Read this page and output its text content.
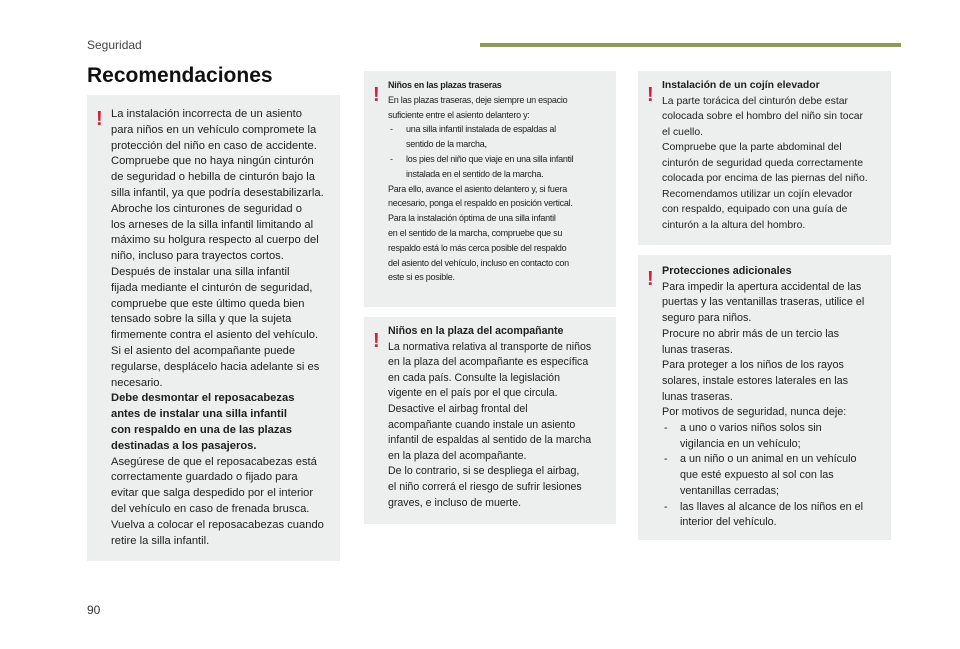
Seguridad
Recomendaciones
! La instalación incorrecta de un asiento
para niños en un vehículo compromete la
protección del niño en caso de accidente.
Compruebe que no haya ningún cinturón
de seguridad o hebilla de cinturón bajo la
silla infantil, ya que podría desestabilizarla.
Abroche los cinturones de seguridad o
los arneses de la silla infantil limitando al
máximo su holgura respecto al cuerpo del
niño, incluso para trayectos cortos.
Después de instalar una silla infantil
fijada mediante el cinturón de seguridad,
compruebe que este último queda bien
tensado sobre la silla y que la sujeta
firmemente contra el asiento del vehículo.
Si el asiento del acompañante puede
regularse, desplácelo hacia adelante si es
necesario.
Debe desmontar el reposacabezas
antes de instalar una silla infantil
con respaldo en una de las plazas
destinadas a los pasajeros.
Asegúrese de que el reposacabezas está
correctamente guardado o fijado para
evitar que salga despedido por el interior
del vehículo en caso de frenada brusca.
Vuelva a colocar el reposacabezas cuando
retire la silla infantil.
! Niños en las plazas traseras
En las plazas traseras, deje siempre un espacio
suficiente entre el asiento delantero y:
- una silla infantil instalada de espaldas al
sentido de la marcha,
- los pies del niño que viaje en una silla infantil
instalada en el sentido de la marcha.
Para ello, avance el asiento delantero y, si fuera
necesario, ponga el respaldo en posición vertical.
Para la instalación óptima de una silla infantil
en el sentido de la marcha, compruebe que su
respaldo está lo más cerca posible del respaldo
del asiento del vehículo, incluso en contacto con
este si es posible.
! Niños en la plaza del acompañante
La normativa relativa al transporte de niños
en la plaza del acompañante es específica
en cada país. Consulte la legislación
vigente en el país por el que circula.
Desactive el airbag frontal del
acompañante cuando instale un asiento
infantil de espaldas al sentido de la marcha
en la plaza del acompañante.
De lo contrario, si se despliega el airbag,
el niño correrá el riesgo de sufrir lesiones
graves, e incluso de muerte.
! Instalación de un cojín elevador
La parte torácica del cinturón debe estar
colocada sobre el hombro del niño sin tocar
el cuello.
Compruebe que la parte abdominal del
cinturón de seguridad queda correctamente
colocada por encima de las piernas del niño.
Recomendamos utilizar un cojín elevador
con respaldo, equipado con una guía de
cinturón a la altura del hombro.
! Protecciones adicionales
Para impedir la apertura accidental de las
puertas y las ventanillas traseras, utilice el
seguro para niños.
Procure no abrir más de un tercio las
lunas traseras.
Para proteger a los niños de los rayos
solares, instale estores laterales en las
lunas traseras.
Por motivos de seguridad, nunca deje:
- a uno o varios niños solos sin
vigilancia en un vehículo;
- a un niño o un animal en un vehículo
que esté expuesto al sol con las
ventanillas cerradas;
- las llaves al alcance de los niños en el
interior del vehículo.
90
